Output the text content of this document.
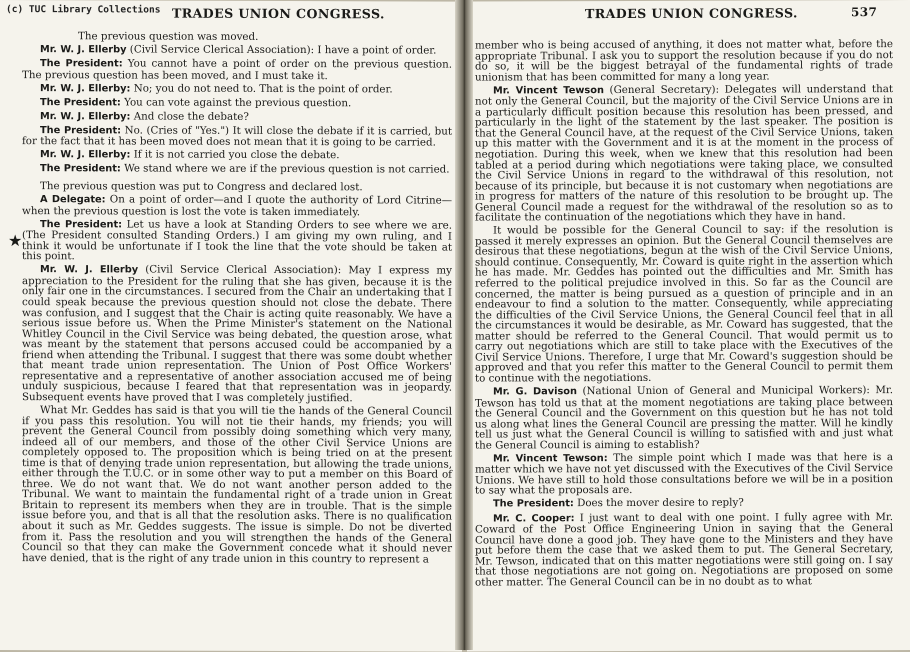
(c) TUC Library Collections TRADES UNION CONGRESS.
★

The previous question was moved.

Mr. W. J. Ellerby (Civil Service Clerical Association): I have a point of order.

The President: You cannot have a point of order on the previous question. The previous question has been moved, and I must take it.

Mr. W. J. Ellerby: No; you do not need to. That is the point of order.

The President: You can vote against the previous question.

Mr. W. J. Ellerby: And close the debate?

The President: No. (Cries of "Yes.") It will close the debate if it is carried, but for the fact that it has been moved does not mean that it is going to be carried.

Mr. W. J. Ellerby: If it is not carried you close the debate.

The President: We stand where we are if the previous question is not carried.

The previous question was put to Congress and declared lost.

A Delegate: On a point of order—and I quote the authority of Lord Citrine—when the previous question is lost the vote is taken immediately.

The President: Let us have a look at Standing Orders to see where we are. (The President consulted Standing Orders.) I am giving my own ruling, and I think it would be unfortunate if I took the line that the vote should be taken at this point.

Mr. W. J. Ellerby (Civil Service Clerical Association): May I express my appreciation to the President for the ruling that she has given, because it is the only fair one in the circumstances. I secured from the Chair an undertaking that I could speak because the previous question should not close the debate. There was confusion, and I suggest that the Chair is acting quite reasonably. We have a serious issue before us. When the Prime Minister's statement on the National Whitley Council in the Civil Service was being debated, the question arose, what was meant by the statement that persons accused could be accompanied by a friend when attending the Tribunal. I suggest that there was some doubt whether that meant trade union representation. The Union of Post Office Workers' representative and a representative of another association accused me of being unduly suspicious, because I feared that that representation was in jeopardy. Subsequent events have proved that I was completely justified.

What Mr. Geddes has said is that you will tie the hands of the General Council if you pass this resolution. You will not tie their hands, my friends; you will prevent the General Council from possibly doing something which very many, indeed all of our members, and those of the other Civil Service Unions are completely opposed to. The proposition which is being tried on at the present time is that of denying trade union representation, but allowing the trade unions, either through the T.U.C. or in some other way to put a member on this Board of three. We do not want that. We do not want another person added to the Tribunal. We want to maintain the fundamental right of a trade union in Great Britain to represent its members when they are in trouble. That is the simple issue before you, and that is all that the resolution asks. There is no qualification about it such as Mr. Geddes suggests. The issue is simple. Do not be diverted from it. Pass the resolution and you will strengthen the hands of the General Council so that they can make the Government concede what it should never have denied, that is the right of any trade union in this country to represent a

TRADES UNION CONGRESS.	537

member who is being accused of anything, it does not matter what, before the appropriate Tribunal. I ask you to support the resolution because if you do not do so, it will be the biggest betrayal of the fundamental rights of trade unionism that has been committed for many a long year.

Mr. Vincent Tewson (General Secretary): Delegates will understand that not only the General Council, but the majority of the Civil Service Unions are in a particularly difficult position because this resolution has been pressed, and particularly in the light of the statement by the last speaker. The position is that the General Council have, at the request of the Civil Service Unions, taken up this matter with the Government and it is at the moment in the process of negotiation. During this week, when we knew that this resolution had been tabled at a period during which negotiations were taking place, we consulted the Civil Service Unions in regard to the withdrawal of this resolution, not because of its principle, but because it is not customary when negotiations are in progress for matters of the nature of this resolution to be brought up. The General Council made a request for the withdrawal of the resolution so as to facilitate the continuation of the negotiations which they have in hand.

It would be possible for the General Council to say: if the resolution is passed it merely expresses an opinion. But the General Council themselves are desirous that these negotiations, begun at the wish of the Civil Service Unions, should continue. Consequently, Mr. Coward is quite right in the assertion which he has made. Mr. Geddes has pointed out the difficulties and Mr. Smith has referred to the political prejudice involved in this. So far as the Council are concerned, the matter is being pursued as a question of principle and in an endeavour to find a solution to the matter. Consequently, while appreciating the difficulties of the Civil Service Unions, the General Council feel that in all the circumstances it would be desirable, as Mr. Coward has suggested, that the matter should be referred to the General Council. That would permit us to carry out negotiations which are still to take place with the Executives of the Civil Service Unions. Therefore, I urge that Mr. Coward's suggestion should be approved and that you refer this matter to the General Council to permit them to continue with the negotiations.

Mr. G. Davison (National Union of General and Municipal Workers): Mr. Tewson has told us that at the moment negotiations are taking place between the General Council and the Government on this question but he has not told us along what lines the General Council are pressing the matter. Will he kindly tell us just what the General Council is willing to satisfied with and just what the General Council is aiming to establish?

Mr. Vincent Tewson: The simple point which I made was that here is a matter which we have not yet discussed with the Executives of the Civil Service Unions. We have still to hold those consultations before we will be in a position to say what the proposals are.

The President: Does the mover desire to reply?

Mr. C. Cooper: I just want to deal with one point. I fully agree with Mr. Coward of the Post Office Engineering Union in saying that the General Council have done a good job. They have gone to the Ministers and they have put before them the case that we asked them to put. The General Secretary, Mr. Tewson, indicated that on this matter negotiations were still going on. I say that those negotiations are not going on. Negotiations are proposed on some other matter. The General Council can be in no doubt as to what
